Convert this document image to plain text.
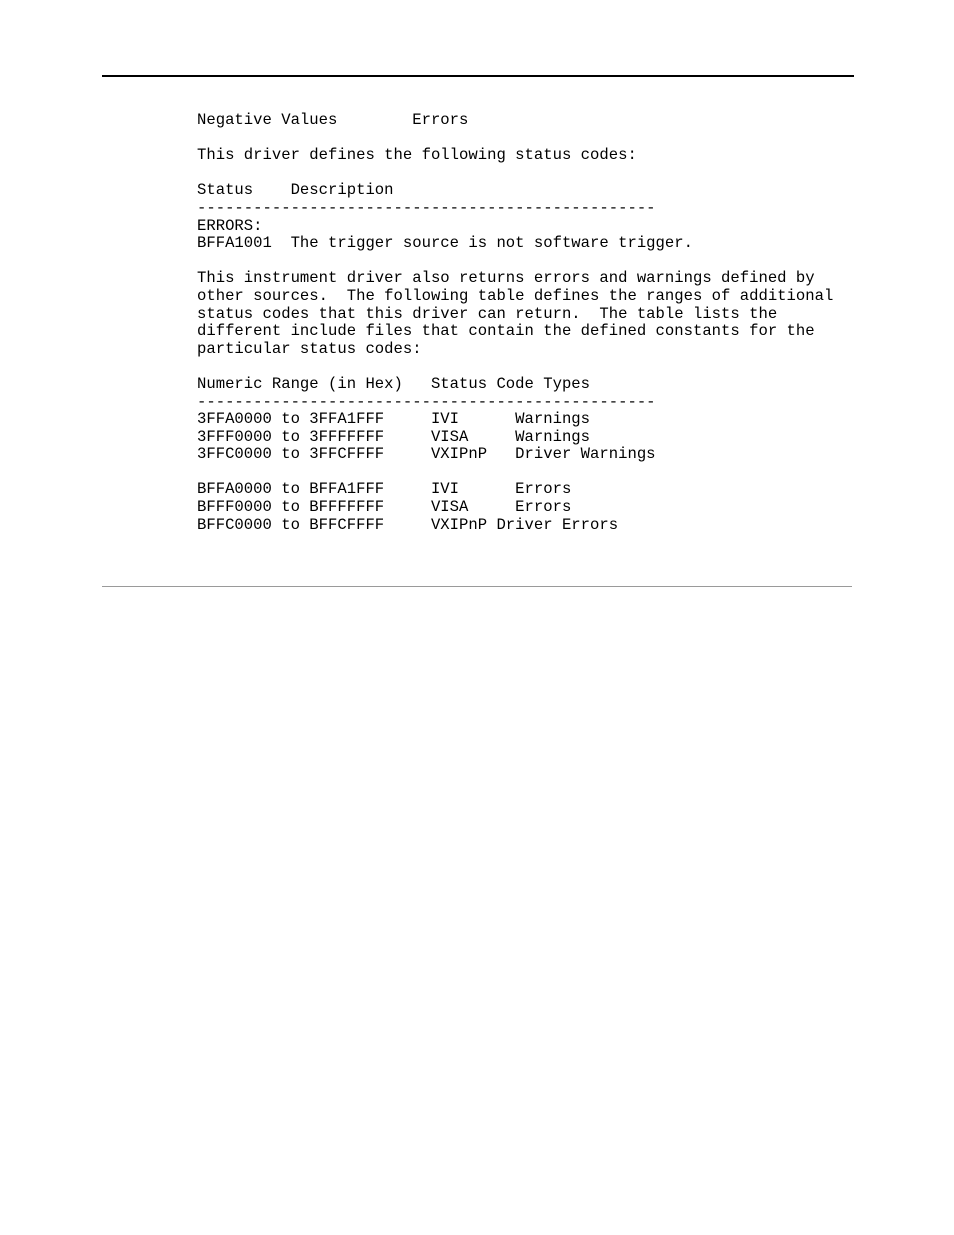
Negative Values        Errors
This driver defines the following status codes:
Status    Description
-------------------------------------------------
ERRORS:
BFFA1001  The trigger source is not software trigger.
This instrument driver also returns errors and warnings defined by
other sources.  The following table defines the ranges of additional
status codes that this driver can return.  The table lists the
different include files that contain the defined constants for the
particular status codes:
Numeric Range (in Hex)   Status Code Types
-------------------------------------------------
3FFA0000 to 3FFA1FFF     IVI      Warnings
3FFF0000 to 3FFFFFFF     VISA     Warnings
3FFC0000 to 3FFCFFFF     VXIPnP   Driver Warnings
BFFA0000 to BFFA1FFF     IVI      Errors
BFFF0000 to BFFFFFFF     VISA     Errors
BFFC0000 to BFFCFFFF     VXIPnP Driver Errors
